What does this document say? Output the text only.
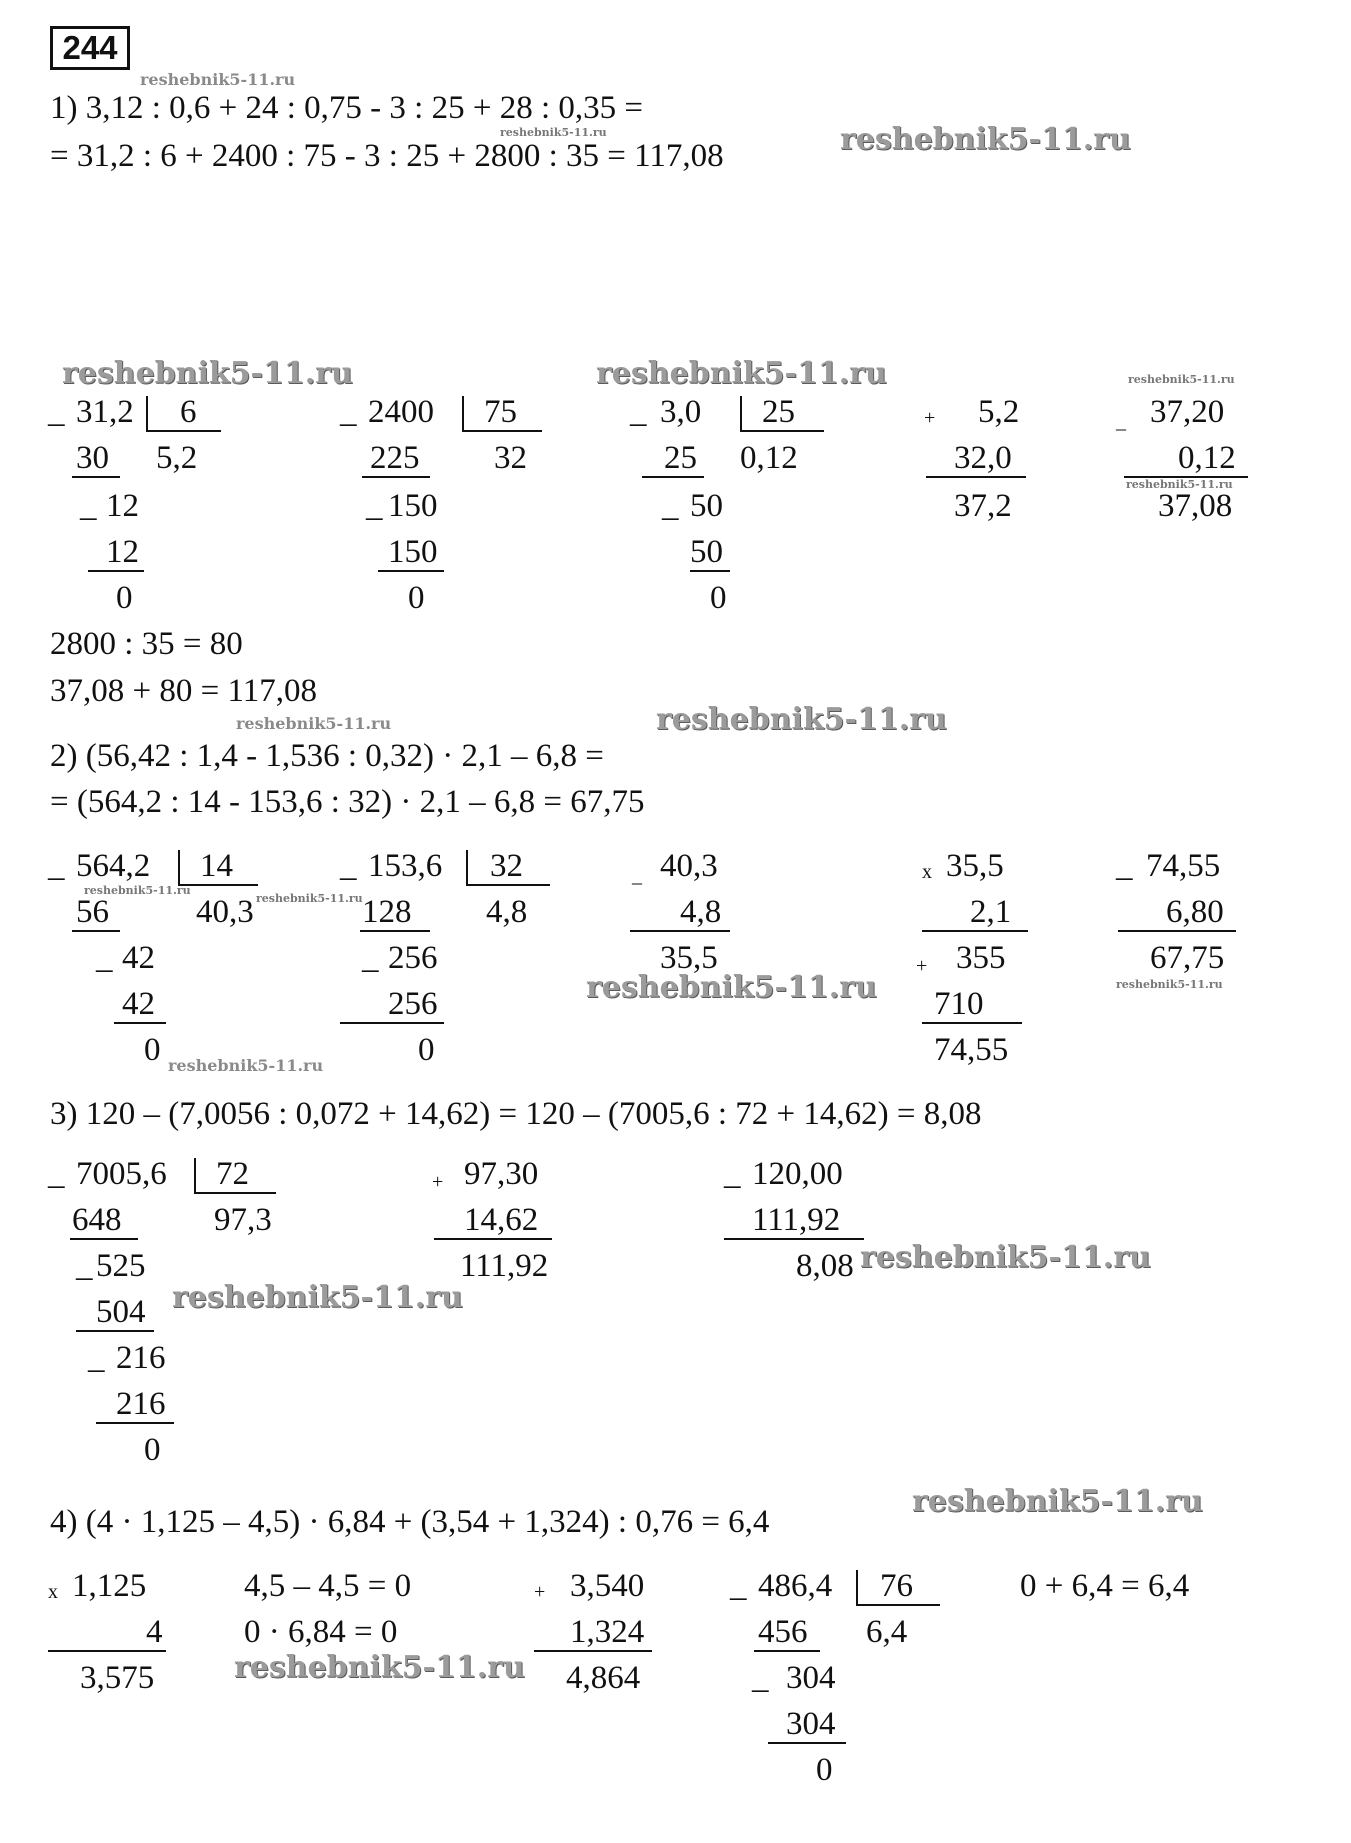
244
reshebnik5-11.ru
1) 3,12 : 0,6 + 24 : 0,75 - 3 : 25 + 28 : 0,35 =
reshebnik5-11.ru
= 31,2 : 6 + 2400 : 75 - 3 : 25 + 2800 : 35 = 117,08	reshebnik5-11.ru
reshebnik5-11.ru	reshebnik5-11.ru	reshebnik5-11.ru
_ 31,2 6
5,2
30
_ 12
12
0
_ 2400 75
32
225
_ 150
150
0
_ 3,0 25
0,12
25
_ 50
50
0
+ 5,2
32,0
37,2
_ 37,20
0,12
reshebnik5-11.ru
37,08
2800 : 35 = 80
37,08 + 80 = 117,08
reshebnik5-11.ru	reshebnik5-11.ru
2) (56,42 : 1,4 - 1,536 : 0,32) · 2,1 – 6,8 =
= (564,2 : 14 - 153,6 : 32) · 2,1 – 6,8 = 67,75
_ 564,2 14
reshebnik5-11.ru
56	40,3 reshebnik5-11.ru
_ 42
42
0 reshebnik5-11.ru
_ 153,6 32
128 4,8
_ 256
256
0
_ 40,3
4,8
35,5
reshebnik5-11.ru
x 35,5
2,1
+ 355
710
74,55
_ 74,55
6,80
67,75
reshebnik5-11.ru
3) 120 – (7,0056 : 0,072 + 14,62) = 120 – (7005,6 : 72 + 14,62) = 8,08
_ 7005,6 72
648	97,3
_ 525
504 reshebnik5-11.ru
_ 216
216
0
+ 97,30
14,62
111,92
_ 120,00
111,92
8,08 reshebnik5-11.ru
4) (4 · 1,125 – 4,5) · 6,84 + (3,54 + 1,324) : 0,76 = 6,4
reshebnik5-11.ru
x 1,125
4
3,575
4,5 – 4,5 = 0
0 · 6,84 = 0
reshebnik5-11.ru
+ 3,540
1,324
4,864
_ 486,4 76
456 6,4
_ 304
304
0
0 + 6,4 = 6,4
